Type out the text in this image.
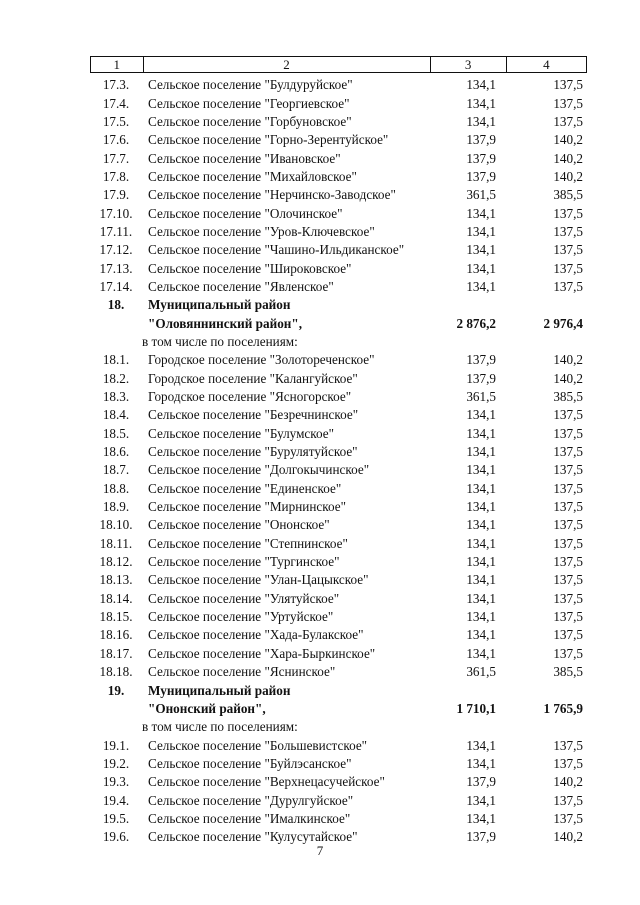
1	2	3	4
17.3.	Сельское поселение "Булдуруйское"	134,1	137,5
17.4.	Сельское поселение "Георгиевское"	134,1	137,5
17.5.	Сельское поселение "Горбуновское"	134,1	137,5
17.6.	Сельское поселение "Горно-Зерентуйское"	137,9	140,2
17.7.	Сельское поселение "Ивановское"	137,9	140,2
17.8.	Сельское поселение "Михайловское"	137,9	140,2
17.9.	Сельское поселение "Нерчинско-Заводское"	361,5	385,5
17.10.	Сельское поселение "Олочинское"	134,1	137,5
17.11.	Сельское поселение "Уров-Ключевское"	134,1	137,5
17.12.	Сельское поселение "Чашино-Ильдиканское"	134,1	137,5
17.13.	Сельское поселение "Широковское"	134,1	137,5
17.14.	Сельское поселение "Явленское"	134,1	137,5
18.	Муниципальный район
"Оловяннинский район",	2 876,2	2 976,4
в том числе по поселениям:
18.1.	Городское поселение "Золотореченское"	137,9	140,2
18.2.	Городское поселение "Калангуйское"	137,9	140,2
18.3.	Городское поселение "Ясногорское"	361,5	385,5
18.4.	Сельское поселение "Безречнинское"	134,1	137,5
18.5.	Сельское поселение "Булумское"	134,1	137,5
18.6.	Сельское поселение "Бурулятуйское"	134,1	137,5
18.7.	Сельское поселение "Долгокычинское"	134,1	137,5
18.8.	Сельское поселение "Единенское"	134,1	137,5
18.9.	Сельское поселение "Мирнинское"	134,1	137,5
18.10.	Сельское поселение "Ононское"	134,1	137,5
18.11.	Сельское поселение "Степнинское"	134,1	137,5
18.12.	Сельское поселение "Тургинское"	134,1	137,5
18.13.	Сельское поселение "Улан-Цацыкское"	134,1	137,5
18.14.	Сельское поселение "Улятуйское"	134,1	137,5
18.15.	Сельское поселение "Уртуйское"	134,1	137,5
18.16.	Сельское поселение "Хада-Булакское"	134,1	137,5
18.17.	Сельское поселение "Хара-Быркинское"	134,1	137,5
18.18.	Сельское поселение "Яснинское"	361,5	385,5
19.	Муниципальный район
"Ононский район",	1 710,1	1 765,9
в том числе по поселениям:
19.1.	Сельское поселение "Большевистское"	134,1	137,5
19.2.	Сельское поселение "Буйлэсанское"	134,1	137,5
19.3.	Сельское поселение "Верхнецасучейское"	137,9	140,2
19.4.	Сельское поселение "Дурулгуйское"	134,1	137,5
19.5.	Сельское поселение "Ималкинское"	134,1	137,5
19.6.	Сельское поселение "Кулусутайское"	137,9	140,2
7
